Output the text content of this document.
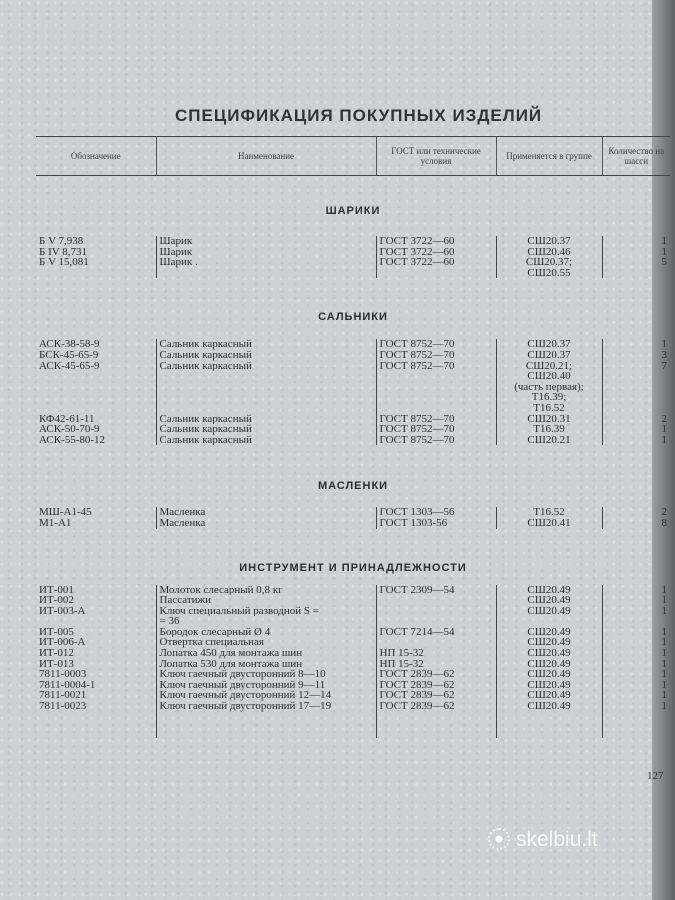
СПЕЦИФИКАЦИЯ ПОКУПНЫХ ИЗДЕЛИЙ
Обозначение	Наименование	ГОСТ или технические условия	Применяется в группе	Количество на шасси

ШАРИКИ				

Б V 7,938	Шарик	ГОСТ 3722—60	СШ20.37	1
Б IV 8,731	Шарик	ГОСТ 3722—60	СШ20.46	1
Б V 15,081	Шарик .	ГОСТ 3722—60	СШ20.37;	5
			СШ20.55	

САЛЬНИКИ				

АСК-38-58-9	Сальник каркасный	ГОСТ 8752—70	СШ20.37	1
БСК-45-65-9	Сальник каркасный	ГОСТ 8752—70	СШ20.37	3
АСК-45-65-9	Сальник каркасный	ГОСТ 8752—70	СШ20.21;	7
			СШ20.40	
			(часть первая);	
			Т16.39;	
			Т16.52	
КФ42-61-11	Сальник каркасный	ГОСТ 8752—70	СШ20.31	2
АСК-50-70-9	Сальник каркасный	ГОСТ 8752—70	Т16.39	1
АСК-55-80-12	Сальник каркасный	ГОСТ 8752—70	СШ20.21	1

МАСЛЕНКИ				

МШ-А1-45	Масленка	ГОСТ 1303—56	Т16.52	2
М1-А1	Масленка	ГОСТ 1303-56	СШ20.41	8

ИНСТРУМЕНТ И ПРИНАДЛЕЖНОСТИ				

ИТ-001	Молоток слесарный 0,8 кг	ГОСТ 2309—54	СШ20.49	1
ИТ-002	Пассатижи		СШ20.49	1
ИТ-003-А	Ключ специальный разводной S =		СШ20.49	1
	= 36			
ИТ-005	Бородок слесарный Ø 4	ГОСТ 7214—54	СШ20.49	1
ИТ-006-А	Отвертка специальная		СШ20.49	1
ИТ-012	Лопатка 450 для монтажа шин	НП 15-32	СШ20.49	1
ИТ-013	Лопатка 530 для монтажа шин	НП 15-32	СШ20.49	1
7811-0003	Ключ гаечный двусторонний 8—10	ГОСТ 2839—62	СШ20.49	1
7811-0004-1	Ключ гаечный двусторонний 9—11	ГОСТ 2839—62	СШ20.49	1
7811-0021	Ключ гаечный двусторонний 12—14	ГОСТ 2839—62	СШ20.49	1
7811-0023	Ключ гаечный двусторонний 17—19	ГОСТ 2839—62	СШ20.49	1

127
skelbiu.lt
